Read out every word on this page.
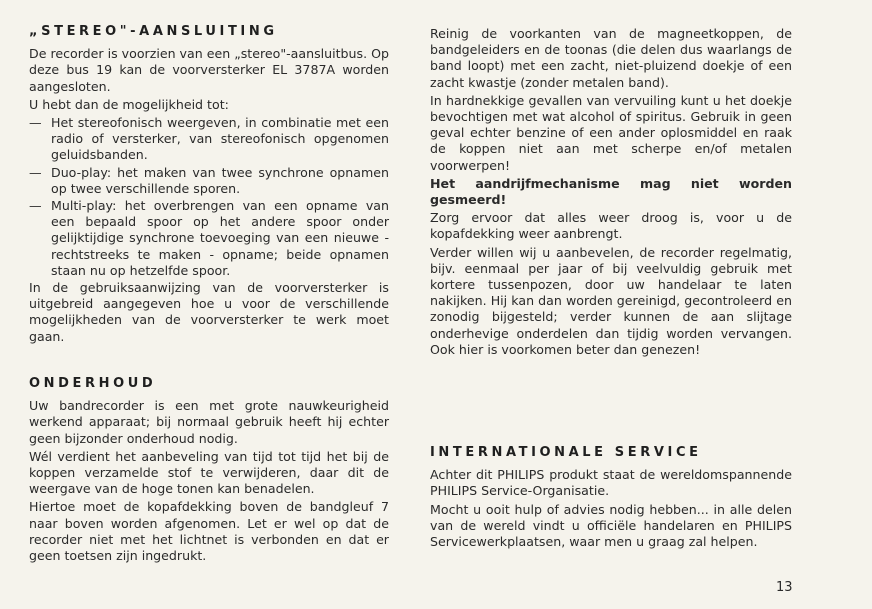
„STEREO"-AANSLUITING

De recorder is voorzien van een „stereo"-aansluitbus. Op deze bus 19 kan de voorversterker EL 3787A worden aangesloten.

U hebt dan de mogelijkheid tot:

— Het stereofonisch weergeven, in combinatie met een radio of versterker, van stereofonisch opgenomen geluidsbanden.
— Duo-play: het maken van twee synchrone opnamen op twee verschillende sporen.
— Multi-play: het overbrengen van een opname van een bepaald spoor op het andere spoor onder gelijktijdige synchrone toevoeging van een nieuwe - rechtstreeks te maken - opname; beide opnamen staan nu op hetzelfde spoor.

In de gebruiksaanwijzing van de voorversterker is uitgebreid aangegeven hoe u voor de verschillende mogelijkheden van de voorversterker te werk moet gaan.

ONDERHOUD

Uw bandrecorder is een met grote nauwkeurigheid werkend apparaat; bij normaal gebruik heeft hij echter geen bijzonder onderhoud nodig.

Wél verdient het aanbeveling van tijd tot tijd het bij de koppen verzamelde stof te verwijderen, daar dit de weergave van de hoge tonen kan benadelen.

Hiertoe moet de kopafdekking boven de bandgleuf 7 naar boven worden afgenomen. Let er wel op dat de recorder niet met het lichtnet is verbonden en dat er geen toetsen zijn ingedrukt.

Reinig de voorkanten van de magneetkoppen, de bandgeleiders en de toonas (die delen dus waarlangs de band loopt) met een zacht, niet-pluizend doekje of een zacht kwastje (zonder metalen band).

In hardnekkige gevallen van vervuiling kunt u het doekje bevochtigen met wat alcohol of spiritus. Gebruik in geen geval echter benzine of een ander oplosmiddel en raak de koppen niet aan met scherpe en/of metalen voorwerpen!

Het aandrijfmechanisme mag niet worden gesmeerd!

Zorg ervoor dat alles weer droog is, voor u de kopafdekking weer aanbrengt.

Verder willen wij u aanbevelen, de recorder regelmatig, bijv. eenmaal per jaar of bij veelvuldig gebruik met kortere tussenpozen, door uw handelaar te laten nakijken. Hij kan dan worden gereinigd, gecontroleerd en zonodig bijgesteld; verder kunnen de aan slijtage onderhevige onderdelen dan tijdig worden vervangen. Ook hier is voorkomen beter dan genezen!

INTERNATIONALE SERVICE

Achter dit PHILIPS produkt staat de wereldomspannende PHILIPS Service-Organisatie.

Mocht u ooit hulp of advies nodig hebben... in alle delen van de wereld vindt u officiële handelaren en PHILIPS Servicewerkplaatsen, waar men u graag zal helpen.

13
